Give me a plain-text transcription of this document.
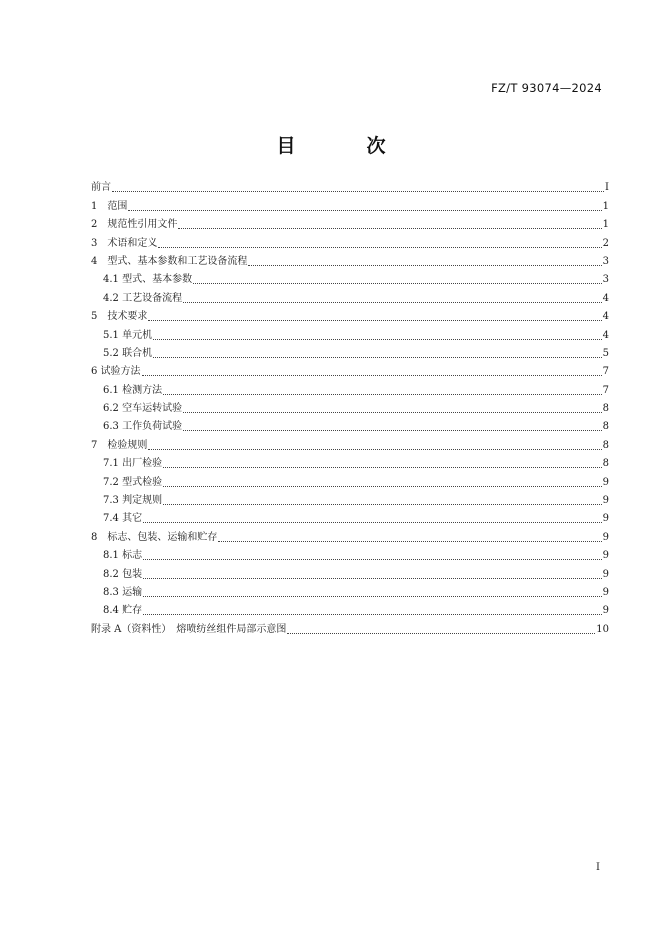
FZ/T 93074—2024
目　次
前言	I
1　范围	1
2　规范性引用文件	1
3　术语和定义	2
4　型式、基本参数和工艺设备流程	3
4.1 型式、基本参数	3
4.2 工艺设备流程	4
5　技术要求	4
5.1 单元机	4
5.2 联合机	5
6 试验方法	7
6.1 检测方法	7
6.2 空车运转试验	8
6.3 工作负荷试验	8
7　检验规则	8
7.1 出厂检验	8
7.2 型式检验	9
7.3 判定规则	9
7.4 其它	9
8　标志、包装、运输和贮存	9
8.1 标志	9
8.2 包装	9
8.3 运输	9
8.4 贮存	9
附录 A（资料性）　熔喷纺丝组件局部示意图	10
I
